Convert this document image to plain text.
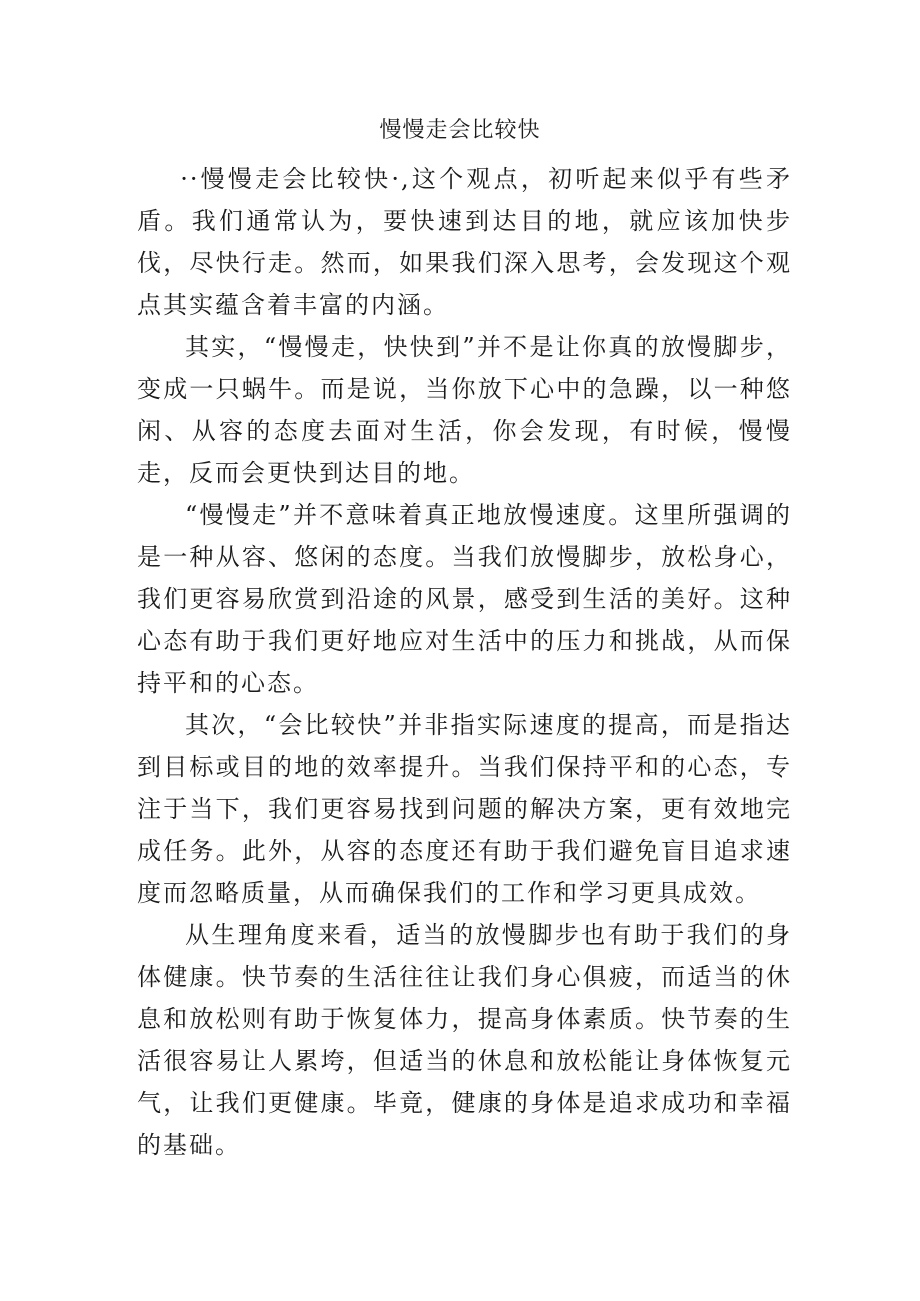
慢慢走会比较快

··慢慢走会比较快·,这个观点，初听起来似乎有些矛盾。我们通常认为，要快速到达目的地，就应该加快步伐，尽快行走。然而，如果我们深入思考，会发现这个观点其实蕴含着丰富的内涵。

其实，“慢慢走，快快到”并不是让你真的放慢脚步，变成一只蜗牛。而是说，当你放下心中的急躁，以一种悠闲、从容的态度去面对生活，你会发现，有时候，慢慢走，反而会更快到达目的地。

“慢慢走”并不意味着真正地放慢速度。这里所强调的是一种从容、悠闲的态度。当我们放慢脚步，放松身心，我们更容易欣赏到沿途的风景，感受到生活的美好。这种心态有助于我们更好地应对生活中的压力和挑战，从而保持平和的心态。

其次，“会比较快”并非指实际速度的提高，而是指达到目标或目的地的效率提升。当我们保持平和的心态，专注于当下，我们更容易找到问题的解决方案，更有效地完成任务。此外，从容的态度还有助于我们避免盲目追求速度而忽略质量，从而确保我们的工作和学习更具成效。

从生理角度来看，适当的放慢脚步也有助于我们的身体健康。快节奏的生活往往让我们身心俱疲，而适当的休息和放松则有助于恢复体力，提高身体素质。快节奏的生活很容易让人累垮，但适当的休息和放松能让身体恢复元气，让我们更健康。毕竟，健康的身体是追求成功和幸福的基础。
